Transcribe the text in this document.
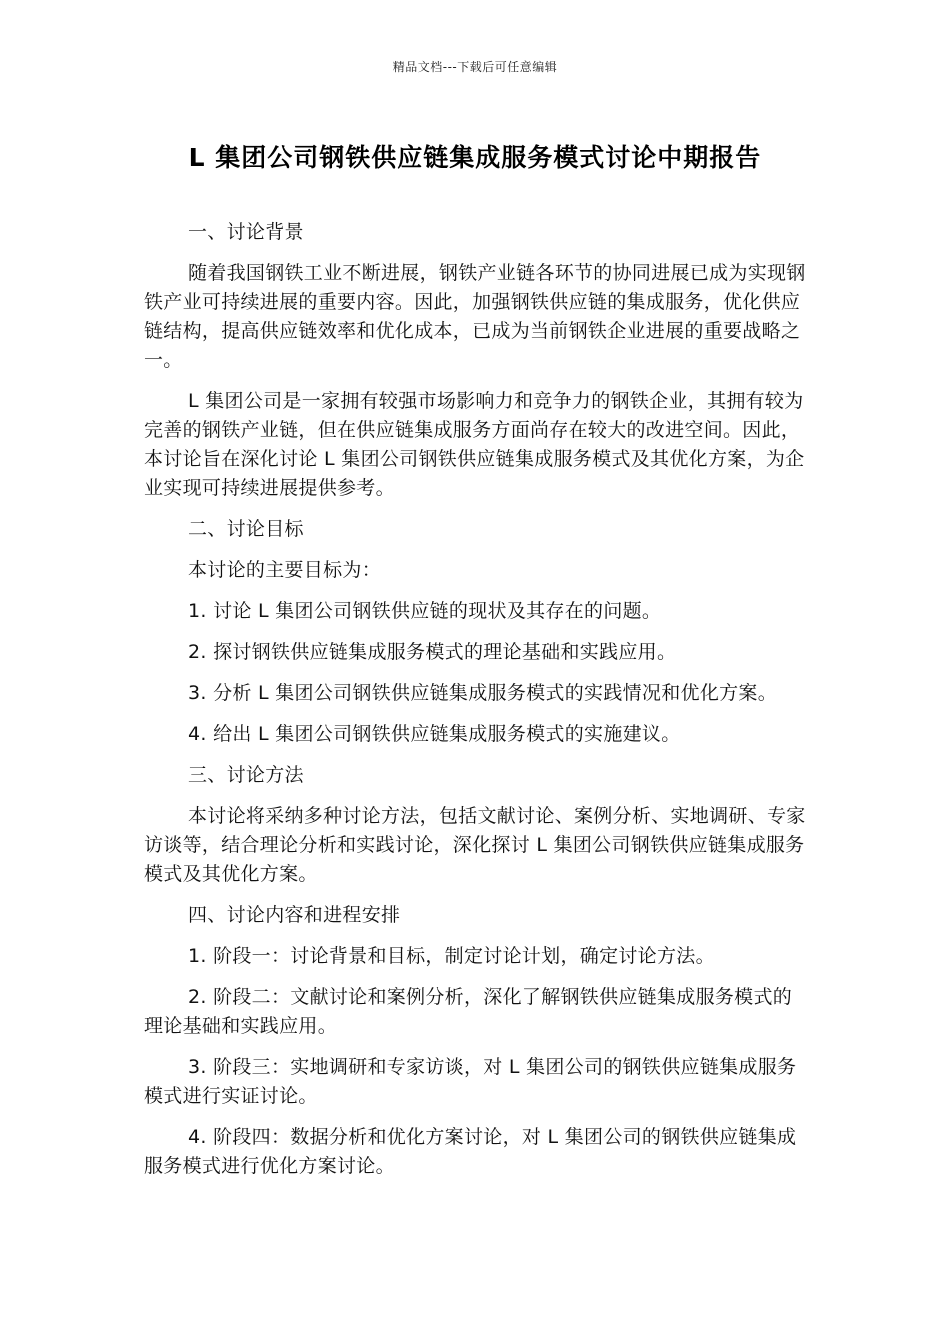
精品文档---下载后可任意编辑
L 集团公司钢铁供应链集成服务模式讨论中期报告

一、讨论背景

随着我国钢铁工业不断进展，钢铁产业链各环节的协同进展已成为实现钢铁产业可持续进展的重要内容。因此，加强钢铁供应链的集成服务，优化供应链结构，提高供应链效率和优化成本，已成为当前钢铁企业进展的重要战略之一。

L 集团公司是一家拥有较强市场影响力和竞争力的钢铁企业，其拥有较为完善的钢铁产业链，但在供应链集成服务方面尚存在较大的改进空间。因此，本讨论旨在深化讨论 L 集团公司钢铁供应链集成服务模式及其优化方案，为企业实现可持续进展提供参考。

二、讨论目标

本讨论的主要目标为：

1. 讨论 L 集团公司钢铁供应链的现状及其存在的问题。

2. 探讨钢铁供应链集成服务模式的理论基础和实践应用。

3. 分析 L 集团公司钢铁供应链集成服务模式的实践情况和优化方案。

4. 给出 L 集团公司钢铁供应链集成服务模式的实施建议。

三、讨论方法

本讨论将采纳多种讨论方法，包括文献讨论、案例分析、实地调研、专家访谈等，结合理论分析和实践讨论，深化探讨 L 集团公司钢铁供应链集成服务模式及其优化方案。

四、讨论内容和进程安排

1. 阶段一：讨论背景和目标，制定讨论计划，确定讨论方法。

2. 阶段二：文献讨论和案例分析，深化了解钢铁供应链集成服务模式的理论基础和实践应用。

3. 阶段三：实地调研和专家访谈，对 L 集团公司的钢铁供应链集成服务模式进行实证讨论。

4. 阶段四：数据分析和优化方案讨论，对 L 集团公司的钢铁供应链集成服务模式进行优化方案讨论。
